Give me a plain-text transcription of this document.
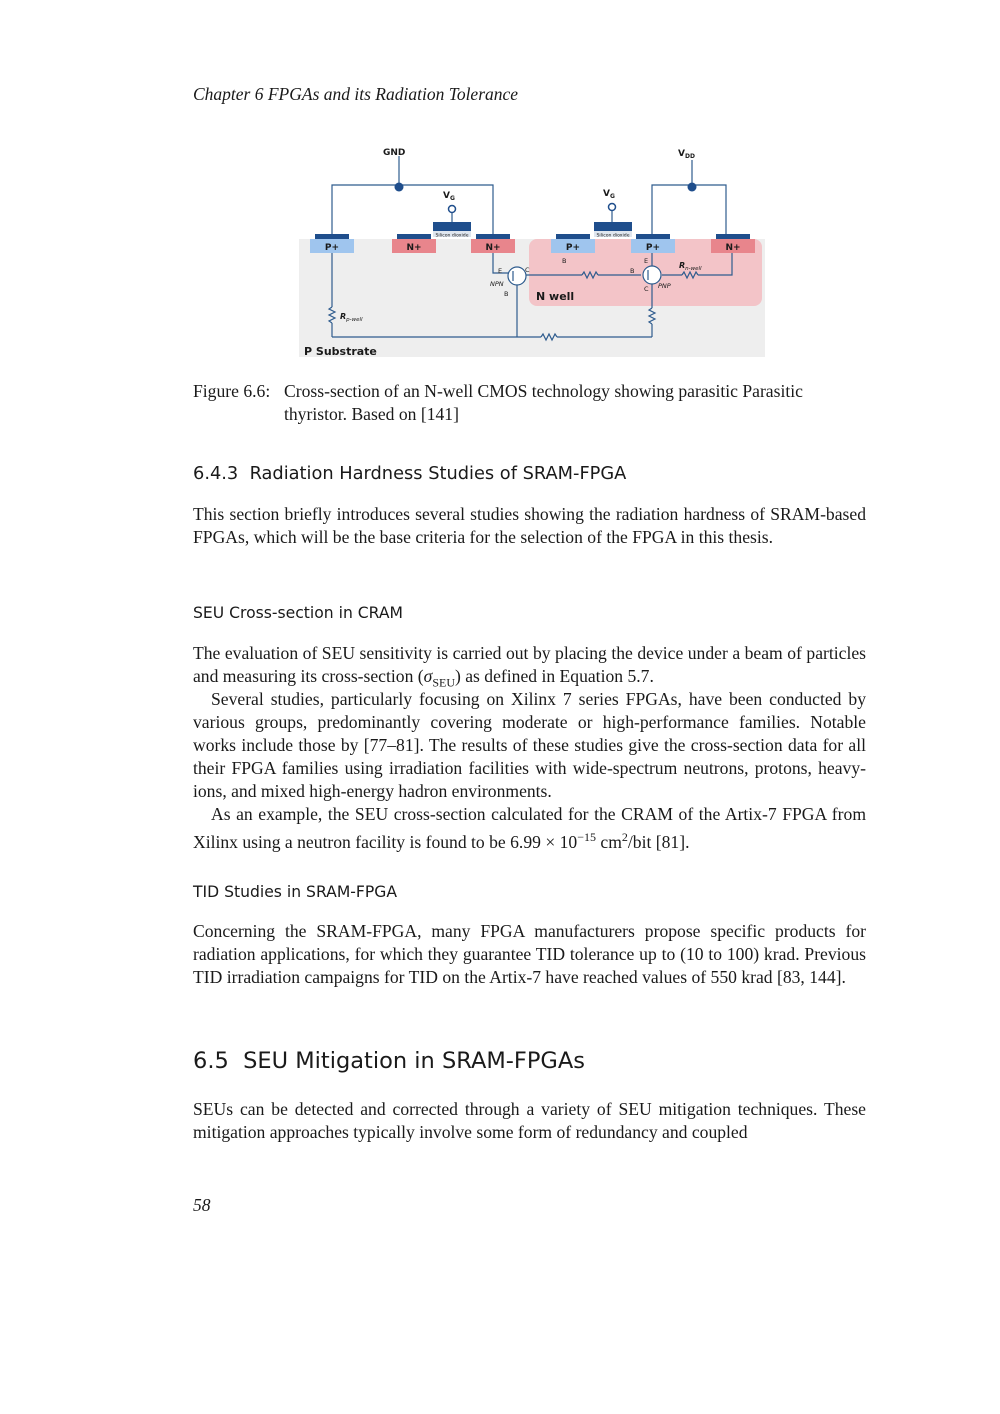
Chapter 6 FPGAs and its Radiation Tolerance
GND	$V_{DD}$
$V_G$	$V_G$
Silicon dioxide	Silicon dioxide
P+	N+	N+	P+	P+	N+
E	C
B
NPN
B	E
B
C PNP
$R_{n-well}$
$R_{p-well}$
N well
P Substrate
Figure 6.6: Cross-section of an N-well CMOS technology showing parasitic Parasitic thyristor. Based on [141]
6.4.3 Radiation Hardness Studies of SRAM-FPGA

This section briefly introduces several studies showing the radiation hardness of SRAM-based FPGAs, which will be the base criteria for the selection of the FPGA in this thesis.

SEU Cross-section in CRAM

The evaluation of SEU sensitivity is carried out by placing the device under a beam of particles and measuring its cross-section $(\sigma_{SEU})$ as defined in Equation 5.7.

Several studies, particularly focusing on Xilinx 7 series FPGAs, have been conducted by various groups, predominantly covering moderate or high-performance families. Notable works include those by [77–81]. The results of these studies give the cross-section data for all their FPGA families using irradiation facilities with wide-spectrum neutrons, protons, heavy-ions, and mixed high-energy hadron environments.

As an example, the SEU cross-section calculated for the CRAM of the Artix-7 FPGA from Xilinx using a neutron facility is found to be $6.99 \times 10^{-15}$ $cm^2$/bit [81].

TID Studies in SRAM-FPGA

Concerning the SRAM-FPGA, many FPGA manufacturers propose specific products for radiation applications, for which they guarantee TID tolerance up to (10 to 100) krad. Previous TID irradiation campaigns for TID on the Artix-7 have reached values of 550 krad [83, 144].

6.5 SEU Mitigation in SRAM-FPGAs

SEUs can be detected and corrected through a variety of SEU mitigation techniques. These mitigation approaches typically involve some form of redundancy and coupled

58
